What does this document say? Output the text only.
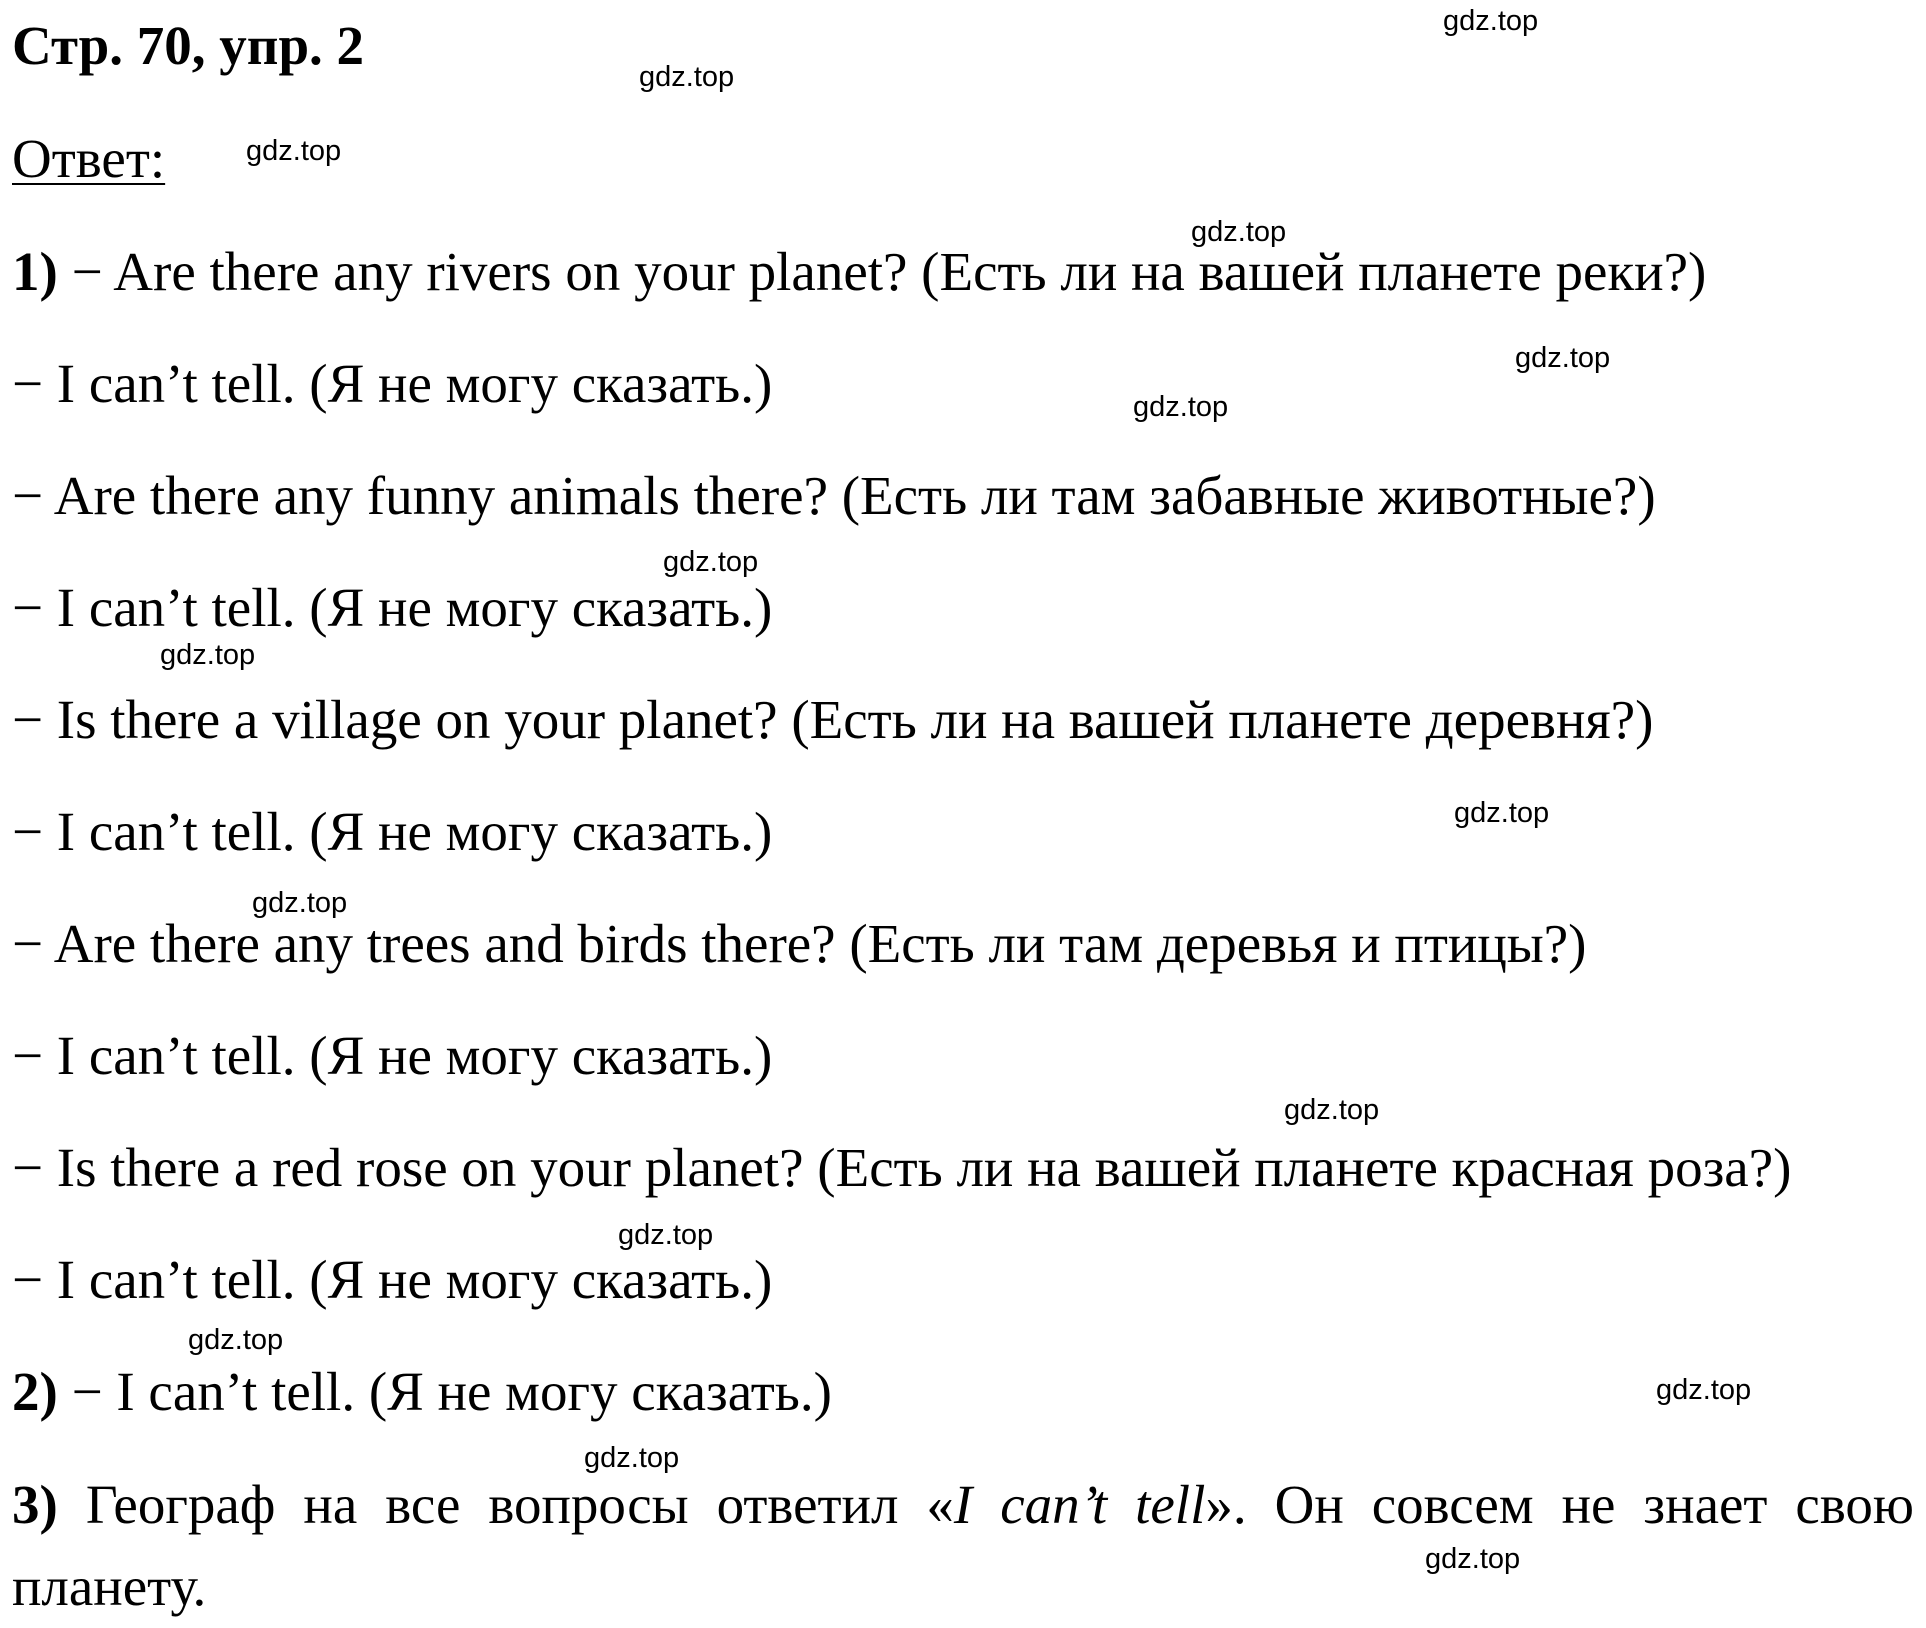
Стр. 70, упр. 2
Ответ:
1) − Are there any rivers on your planet? (Есть ли на вашей планете реки?)
− I can’t tell. (Я не могу сказать.)
− Are there any funny animals there? (Есть ли там забавные животные?)
− I can’t tell. (Я не могу сказать.)
− Is there a village on your planet? (Есть ли на вашей планете деревня?)
− I can’t tell. (Я не могу сказать.)
− Are there any trees and birds there? (Есть ли там деревья и птицы?)
− I can’t tell. (Я не могу сказать.)
− Is there a red rose on your planet? (Есть ли на вашей планете красная роза?)
− I can’t tell. (Я не могу сказать.)
2) − I can’t tell. (Я не могу сказать.)
3) Географ на все вопросы ответил «I can’t tell». Он совсем не знает свою планету.
gdz.top
gdz.top
gdz.top
gdz.top
gdz.top
gdz.top
gdz.top
gdz.top
gdz.top
gdz.top
gdz.top
gdz.top
gdz.top
gdz.top
gdz.top
gdz.top
